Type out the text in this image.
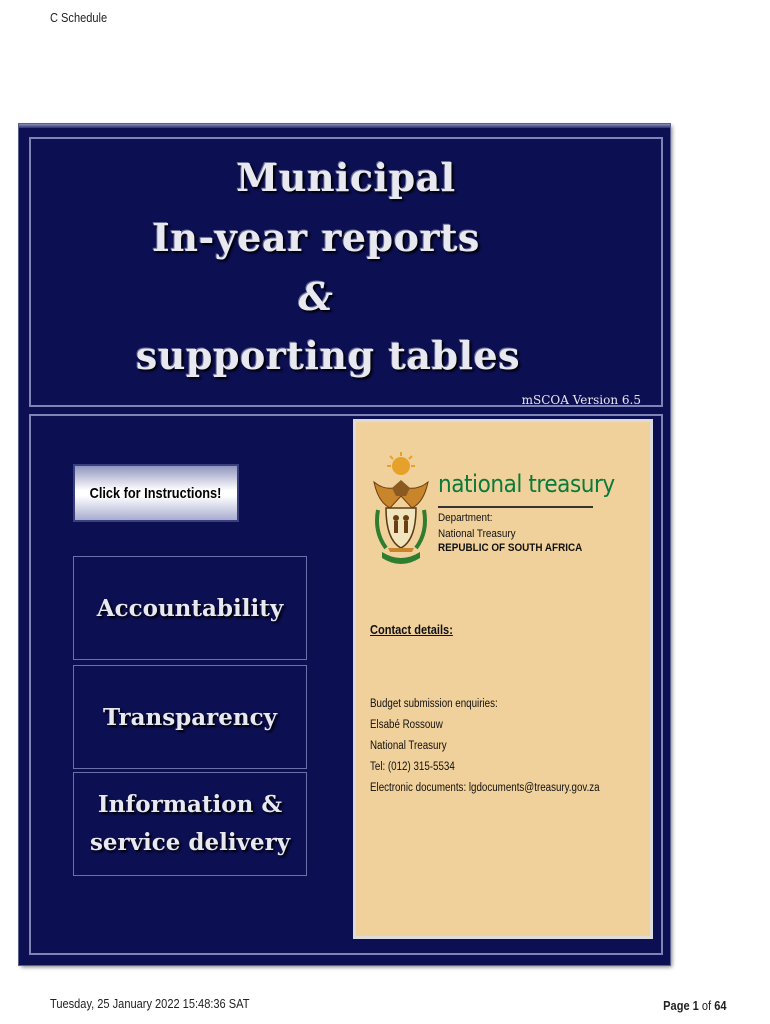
C Schedule
Municipal
In-year reports
&
supporting tables
mSCOA Version 6.5
Click for Instructions!
Accountability
Transparency
Information &
service delivery
national treasury
Department:
National Treasury
REPUBLIC OF SOUTH AFRICA
Contact details:
Budget submission enquiries:
Elsabé Rossouw
National Treasury
Tel: (012) 315-5534
Electronic documents: lgdocuments@treasury.gov.za
Tuesday, 25 January 2022 15:48:36 SAT	Page 1 of 64
